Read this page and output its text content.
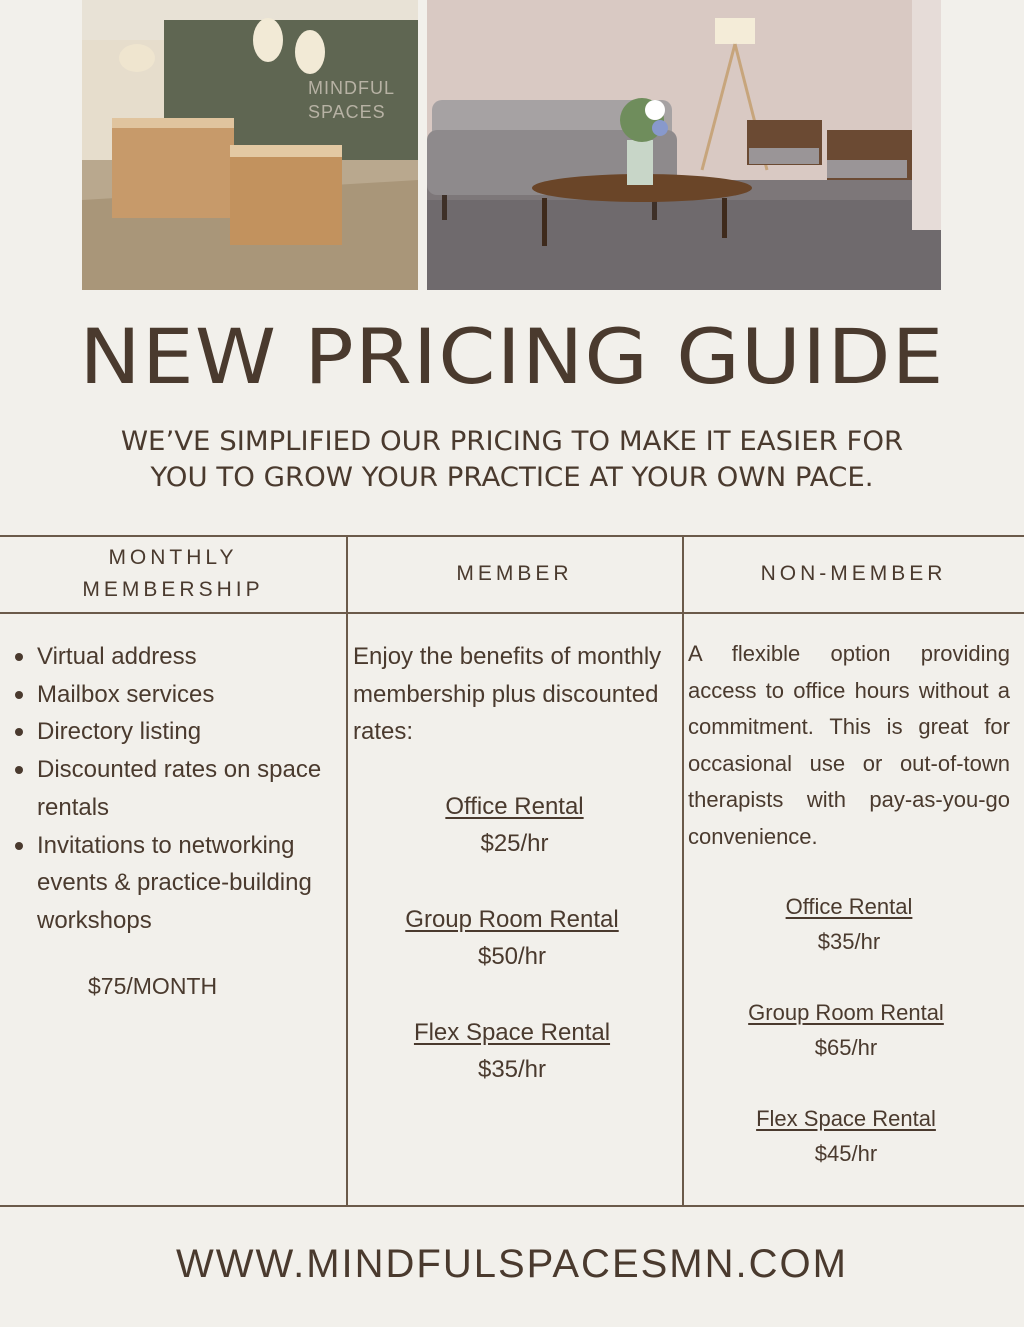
MINDFUL
SPACES
NEW PRICING GUIDE
WE’VE SIMPLIFIED OUR PRICING TO MAKE IT EASIER FOR
YOU TO GROW YOUR PRACTICE AT YOUR OWN PACE.
MONTHLY
MEMBERSHIP
MEMBER	NON-MEMBER
Virtual address
Mailbox services
Directory listing
Discounted rates on space rentals
Invitations to networking events & practice-building workshops
$75/MONTH
Enjoy the benefits of monthly membership plus discounted rates:
Office Rental
$25/hr
Group Room Rental
$50/hr
Flex Space Rental
$35/hr
A flexible option providing access to office hours without a commitment. This is great for occasional use or out-of-town therapists with pay-as-you-go convenience.
Office Rental
$35/hr
Group Room Rental
$65/hr
Flex Space Rental
$45/hr
WWW.MINDFULSPACESMN.COM
